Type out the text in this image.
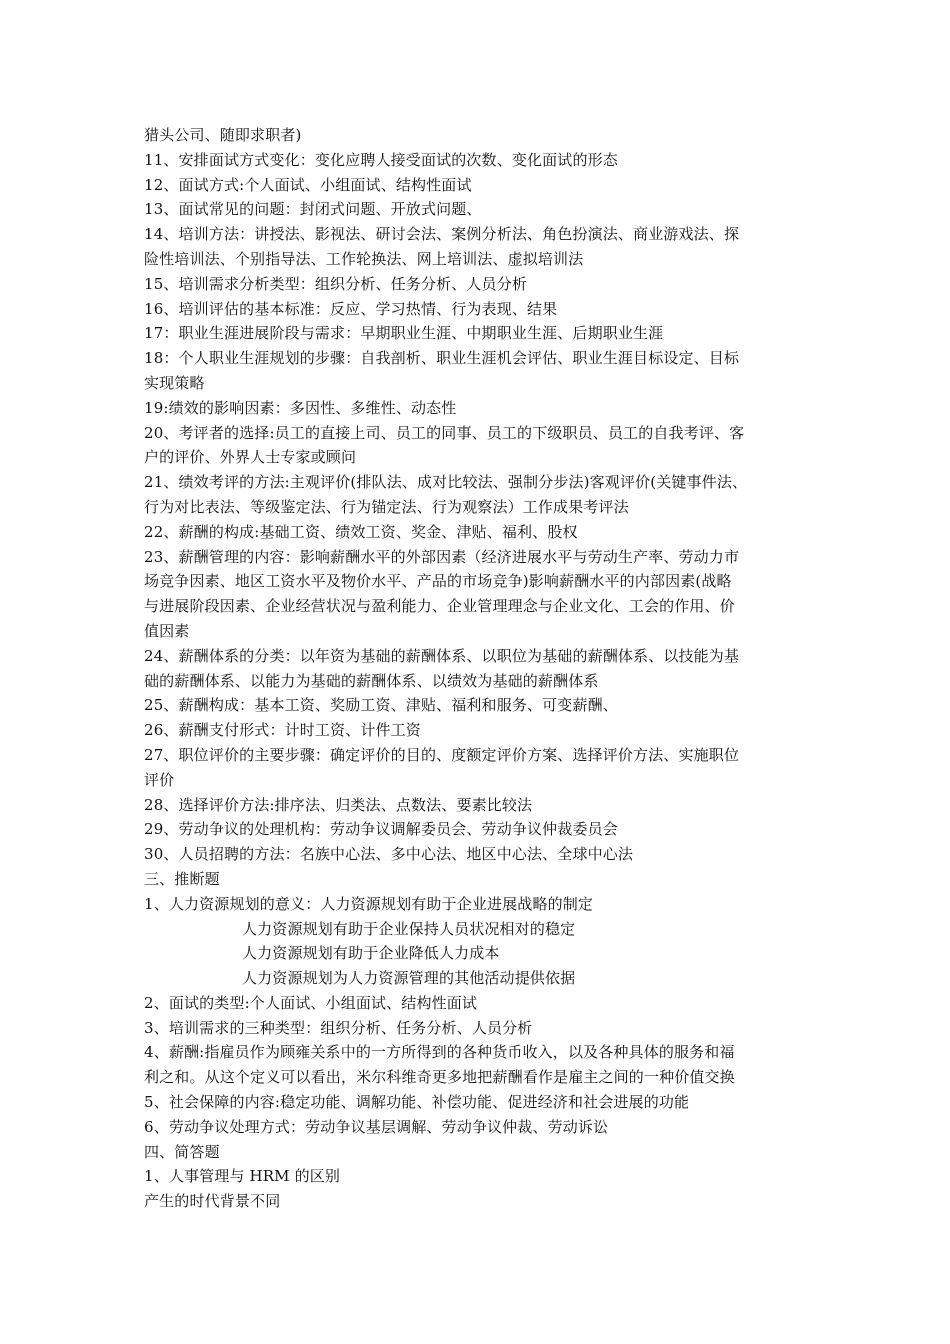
猎头公司、随即求职者)
11、安排面试方式变化：变化应聘人接受面试的次数、变化面试的形态
12、面试方式:个人面试、小组面试、结构性面试
13、面试常见的问题：封闭式问题、开放式问题、
14、培训方法：讲授法、影视法、研讨会法、案例分析法、角色扮演法、商业游戏法、探
险性培训法、个别指导法、工作轮换法、网上培训法、虚拟培训法
15、培训需求分析类型：组织分析、任务分析、人员分析
16、培训评估的基本标准：反应、学习热情、行为表现、结果
17：职业生涯进展阶段与需求：早期职业生涯、中期职业生涯、后期职业生涯
18：个人职业生涯规划的步骤：自我剖析、职业生涯机会评估、职业生涯目标设定、目标
实现策略
19:绩效的影响因素：多因性、多维性、动态性
20、考评者的选择:员工的直接上司、员工的同事、员工的下级职员、员工的自我考评、客
户的评价、外界人士专家或顾问
21、绩效考评的方法:主观评价(排队法、成对比较法、强制分步法)客观评价(关键事件法、
行为对比表法、等级鉴定法、行为锚定法、行为观察法）工作成果考评法
22、薪酬的构成:基础工资、绩效工资、奖金、津贴、福利、股权
23、薪酬管理的内容：影响薪酬水平的外部因素（经济进展水平与劳动生产率、劳动力市
场竞争因素、地区工资水平及物价水平、产品的市场竞争)影响薪酬水平的内部因素(战略
与进展阶段因素、企业经营状况与盈利能力、企业管理理念与企业文化、工会的作用、价
值因素
24、薪酬体系的分类：以年资为基础的薪酬体系、以职位为基础的薪酬体系、以技能为基
础的薪酬体系、以能力为基础的薪酬体系、以绩效为基础的薪酬体系
25、薪酬构成：基本工资、奖励工资、津贴、福利和服务、可变薪酬、
26、薪酬支付形式：计时工资、计件工资
27、职位评价的主要步骤：确定评价的目的、度额定评价方案、选择评价方法、实施职位
评价
28、选择评价方法:排序法、归类法、点数法、要素比较法
29、劳动争议的处理机构：劳动争议调解委员会、劳动争议仲裁委员会
30、人员招聘的方法：名族中心法、多中心法、地区中心法、全球中心法
三、推断题
1、人力资源规划的意义：人力资源规划有助于企业进展战略的制定
人力资源规划有助于企业保持人员状况相对的稳定
人力资源规划有助于企业降低人力成本
人力资源规划为人力资源管理的其他活动提供依据
2、面试的类型:个人面试、小组面试、结构性面试
3、培训需求的三种类型：组织分析、任务分析、人员分析
4、薪酬:指雇员作为顾雍关系中的一方所得到的各种货币收入，以及各种具体的服务和福
利之和。从这个定义可以看出，米尔科维奇更多地把薪酬看作是雇主之间的一种价值交换
5、社会保障的内容:稳定功能、调解功能、补偿功能、促进经济和社会进展的功能
6、劳动争议处理方式：劳动争议基层调解、劳动争议仲裁、劳动诉讼
四、简答题
1、人事管理与 HRM 的区别
产生的时代背景不同
